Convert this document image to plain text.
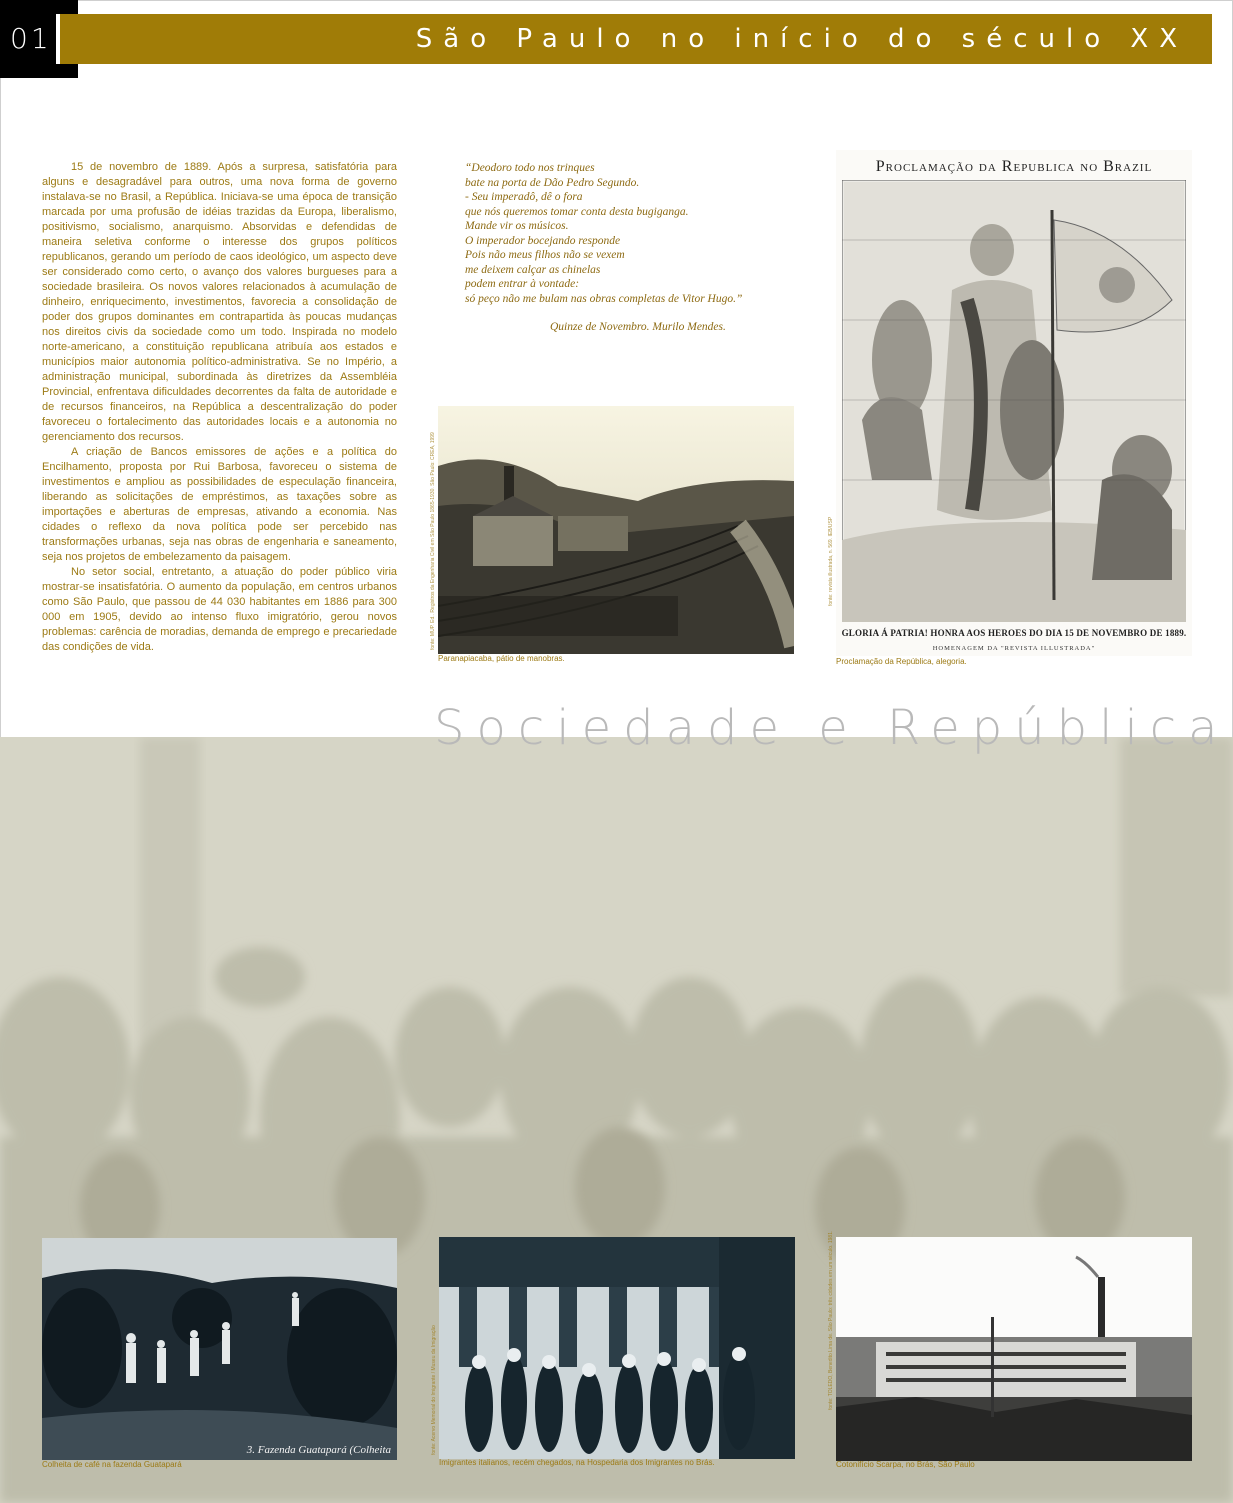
01	São Paulo no início do século XX

15 de novembro de 1889. Após a surpresa, satisfatória para alguns e desagradável para outros, uma nova forma de governo instalava-se no Brasil, a República. Iniciava-se uma época de transição marcada por uma profusão de idéias trazidas da Europa, liberalismo, positivismo, socialismo, anarquismo. Absorvidas e defendidas de maneira seletiva conforme o interesse dos grupos políticos republicanos, gerando um período de caos ideológico, um aspecto deve ser considerado como certo, o avanço dos valores burgueses para a sociedade brasileira. Os novos valores relacionados à acumulação de dinheiro, enriquecimento, investimentos, favorecia a consolidação de poder dos grupos dominantes em contrapartida às poucas mudanças nos direitos civis da sociedade como um todo. Inspirada no modelo norte-americano, a constituição republicana atribuía aos estados e municípios maior autonomia político-administrativa. Se no Império, a administração municipal, subordinada às diretrizes da Assembléia Provincial, enfrentava dificuldades decorrentes da falta de autoridade e de recursos financeiros, na República a descentralização do poder favoreceu o fortalecimento das autoridades locais e a autonomia no gerenciamento dos recursos.

A criação de Bancos emissores de ações e a política do Encilhamento, proposta por Rui Barbosa, favoreceu o sistema de investimentos e ampliou as possibilidades de especulação financeira, liberando as solicitações de empréstimos, as taxações sobre as importações e aberturas de empresas, ativando a economia. Nas cidades o reflexo da nova política pode ser percebido nas transformações urbanas, seja nas obras de engenharia e saneamento, seja nos projetos de embelezamento da paisagem.

No setor social, entretanto, a atuação do poder público viria mostrar-se insatisfatória. O aumento da população, em centros urbanos como São Paulo, que passou de 44 030 habitantes em 1886 para 300 000 em 1905, devido ao intenso fluxo imigratório, gerou novos problemas: carência de moradias, demanda de emprego e precariedade das condições de vida.

“Deodoro todo nos trinques
bate na porta de Dão Pedro Segundo.
- Seu imperadô, dê o fora
que nós queremos tomar conta desta bugiganga.
Mande vir os músicos.
O imperador bocejando responde
Pois não meus filhos não se vexem
me deixem calçar as chinelas
podem entrar à vontade:
só peço não me bulam nas obras completas de Vitor Hugo.”
Quinze de Novembro. Murilo Mendes.
fonte: MUP. Ed.. Registros da Engenharia Civil em São Paulo 1865-1930. São Paulo: CREA, 1999
Paranapiacaba, pátio de manobras.
Proclamação da Republica no Brazil
GLORIA Á PATRIA! HONRA AOS HEROES DO DIA 15 DE NOVEMBRO DE 1889.
HOMENAGEM DA "REVISTA ILLUSTRADA"
fonte: revista illustrada, n. 569. IEB/USP
Proclamação da República, alegoria.
Sociedade e República
3. Fazenda Guatapará (Colheita
Colheita de café na fazenda Guatapará
fonte: Acervo Memorial do Imigrante / Museu da Imigração
Imigrantes italianos, recém chegados, na Hospedaria dos Imigrantes no Brás.
fonte: TOLEDO, Benedito Lima de. São Paulo: três cidades em um século. 1981.
Cotonifício Scarpa, no Brás, São Paulo
